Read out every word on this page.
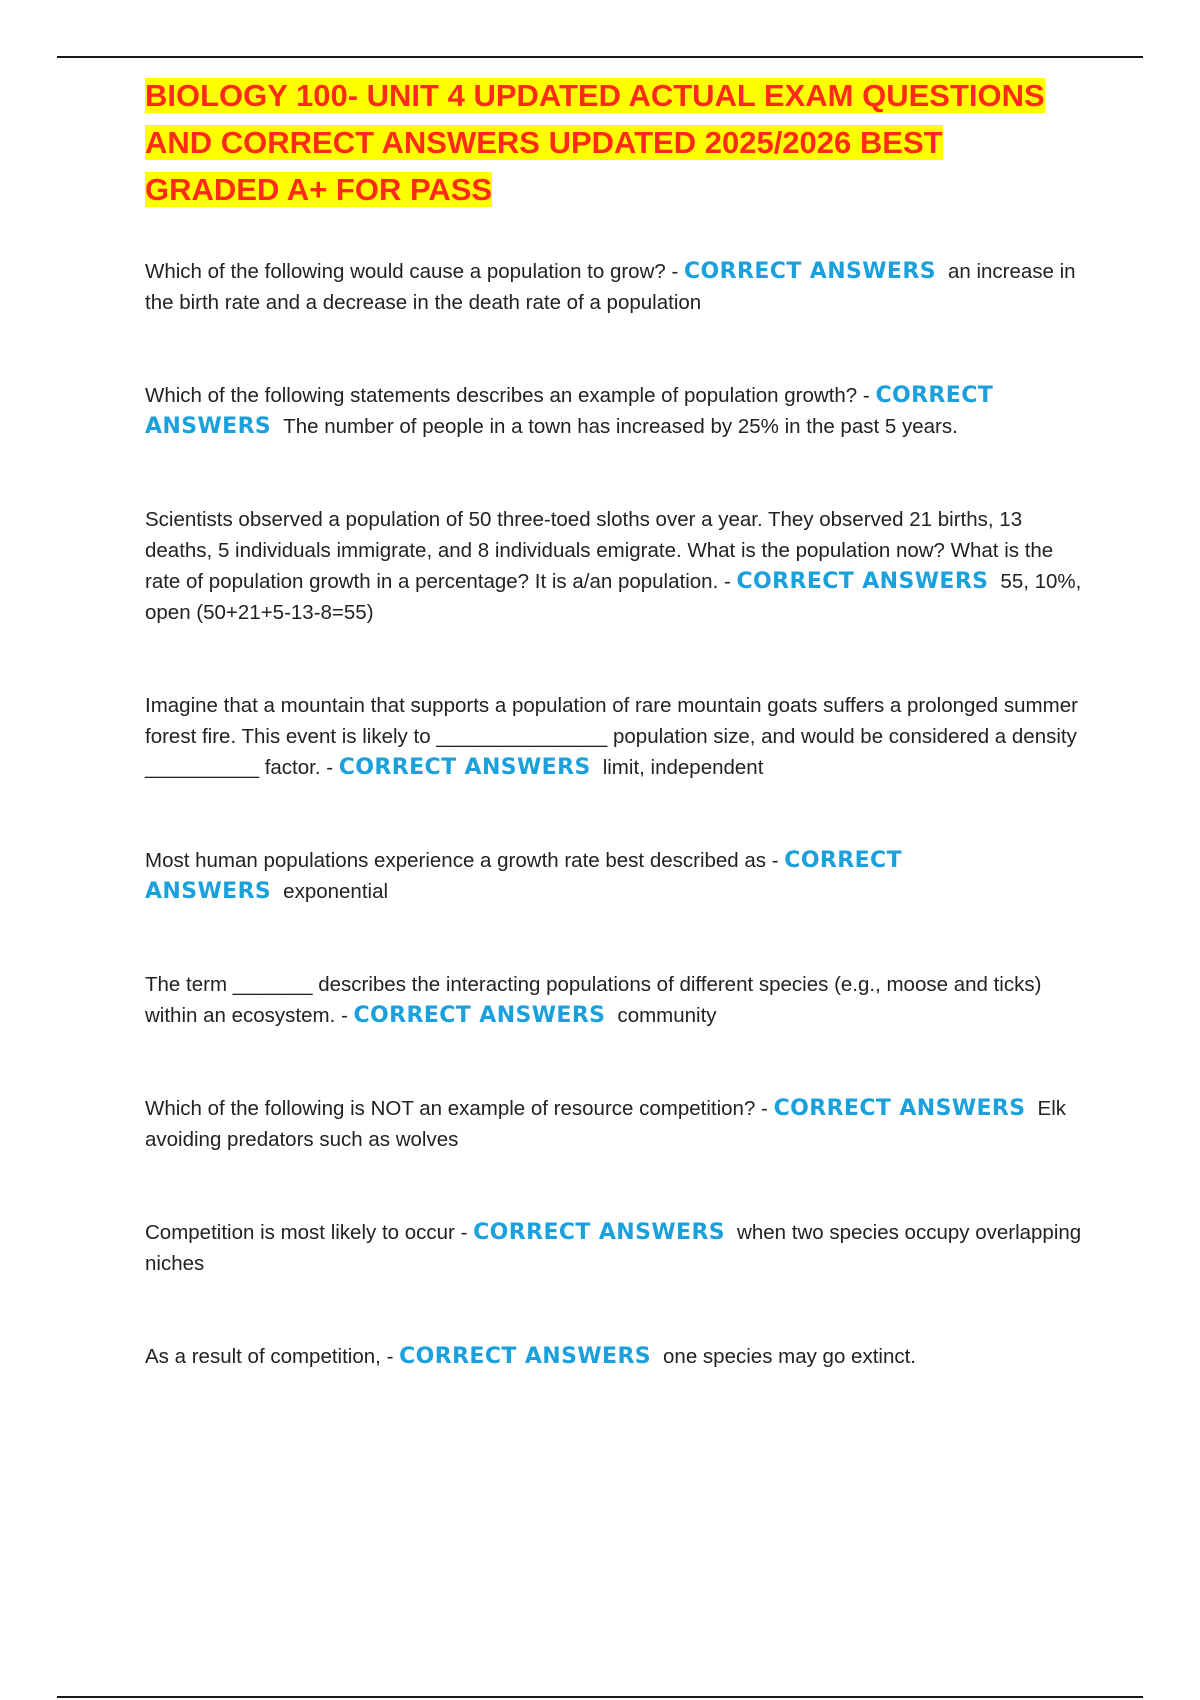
BIOLOGY 100- UNIT 4 UPDATED ACTUAL EXAM QUESTIONS AND CORRECT ANSWERS UPDATED 2025/2026 BEST GRADED A+ FOR PASS
Which of the following would cause a population to grow? - CORRECT ANSWERS an increase in the birth rate and a decrease in the death rate of a population
Which of the following statements describes an example of population growth? - CORRECT ANSWERS The number of people in a town has increased by 25% in the past 5 years.
Scientists observed a population of 50 three-toed sloths over a year. They observed 21 births, 13 deaths, 5 individuals immigrate, and 8 individuals emigrate. What is the population now? What is the rate of population growth in a percentage? It is a/an population. - CORRECT ANSWERS 55, 10%, open (50+21+5-13-8=55)
Imagine that a mountain that supports a population of rare mountain goats suffers a prolonged summer forest fire. This event is likely to _______________ population size, and would be considered a density __________ factor. - CORRECT ANSWERS limit, independent
Most human populations experience a growth rate best described as - CORRECT ANSWERS exponential
The term _______ describes the interacting populations of different species (e.g., moose and ticks) within an ecosystem. - CORRECT ANSWERS community
Which of the following is NOT an example of resource competition? - CORRECT ANSWERS Elk avoiding predators such as wolves
Competition is most likely to occur - CORRECT ANSWERS when two species occupy overlapping niches
As a result of competition, - CORRECT ANSWERS one species may go extinct.
